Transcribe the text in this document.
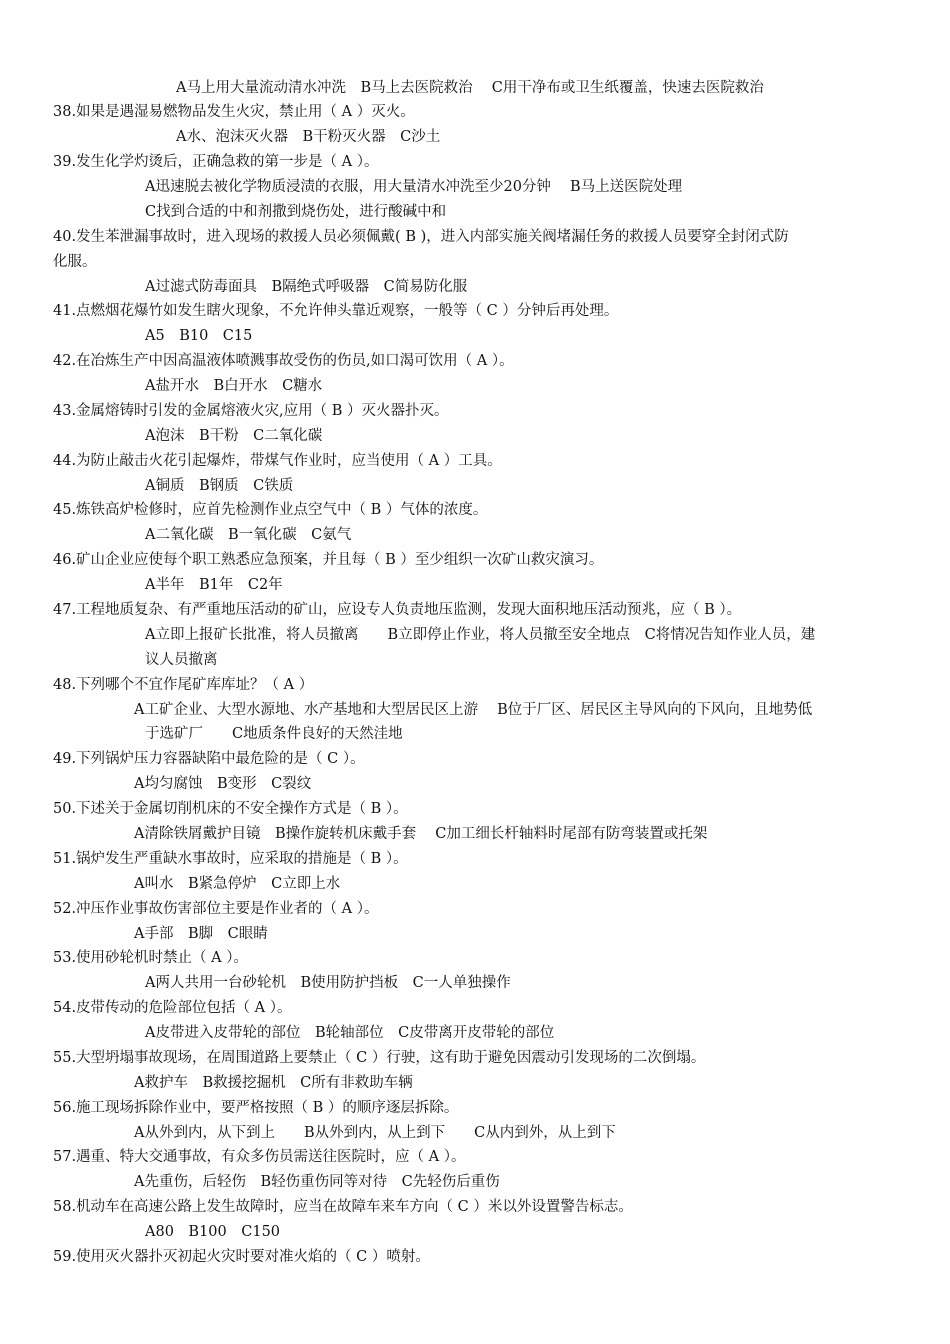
A马上用大量流动清水冲洗　B马上去医院救治　 C用干净布或卫生纸覆盖，快速去医院救治
38.如果是遇湿易燃物品发生火灾，禁止用（ A ）灭火。
A水、泡沫灭火器　B干粉灭火器　C沙土
39.发生化学灼烫后，正确急救的第一步是（ A ）。
A迅速脱去被化学物质浸渍的衣服，用大量清水冲洗至少20分钟　 B马上送医院处理
C找到合适的中和剂撒到烧伤处，进行酸碱中和
40.发生苯泄漏事故时，进入现场的救援人员必须佩戴( B )，进入内部实施关阀堵漏任务的救援人员要穿全封闭式防
化服。
A过滤式防毒面具　B隔绝式呼吸器　C简易防化服
41.点燃烟花爆竹如发生瞎火现象，不允许伸头靠近观察，一般等（ C ）分钟后再处理。
A5　B10　C15
42.在冶炼生产中因高温液体喷溅事故受伤的伤员,如口渴可饮用（ A ）。
A盐开水　B白开水　C糖水
43.金属熔铸时引发的金属熔液火灾,应用（ B ）灭火器扑灭。
A泡沫　B干粉　C二氧化碳
44.为防止敲击火花引起爆炸，带煤气作业时，应当使用（ A ）工具。
A铜质　B钢质　C铁质
45.炼铁高炉检修时，应首先检测作业点空气中（ B ）气体的浓度。
A二氧化碳　B一氧化碳　C氨气
46.矿山企业应使每个职工熟悉应急预案，并且每（ B ）至少组织一次矿山救灾演习。
A半年　B1年　C2年
47.工程地质复杂、有严重地压活动的矿山，应设专人负责地压监测，发现大面积地压活动预兆，应（ B ）。
A立即上报矿长批准，将人员撤离　　B立即停止作业，将人员撤至安全地点　C将情况告知作业人员，建
议人员撤离
48.下列哪个不宜作尾矿库库址？（ A ）
A工矿企业、大型水源地、水产基地和大型居民区上游　 B位于厂区、居民区主导风向的下风向，且地势低
于选矿厂　　C地质条件良好的天然洼地
49.下列锅炉压力容器缺陷中最危险的是（ C ）。
A均匀腐蚀　B变形　C裂纹
50.下述关于金属切削机床的不安全操作方式是（ B ）。
A清除铁屑戴护目镜　B操作旋转机床戴手套　 C加工细长杆轴料时尾部有防弯装置或托架
51.锅炉发生严重缺水事故时，应采取的措施是（ B ）。
A叫水　B紧急停炉　C立即上水
52.冲压作业事故伤害部位主要是作业者的（ A ）。
A手部　B脚　C眼睛
53.使用砂轮机时禁止（ A ）。
A两人共用一台砂轮机　B使用防护挡板　C一人单独操作
54.皮带传动的危险部位包括（ A ）。
A皮带进入皮带轮的部位　B轮轴部位　C皮带离开皮带轮的部位
55.大型坍塌事故现场，在周围道路上要禁止（ C ）行驶，这有助于避免因震动引发现场的二次倒塌。
A救护车　B救援挖掘机　C所有非救助车辆
56.施工现场拆除作业中，要严格按照（ B ）的顺序逐层拆除。
A从外到内，从下到上　　B从外到内，从上到下　　C从内到外，从上到下
57.遇重、特大交通事故，有众多伤员需送往医院时，应（ A ）。
A先重伤，后轻伤　B轻伤重伤同等对待　C先轻伤后重伤
58.机动车在高速公路上发生故障时，应当在故障车来车方向（ C ）米以外设置警告标志。
A80　B100　C150
59.使用灭火器扑灭初起火灾时要对准火焰的（ C ）喷射。
